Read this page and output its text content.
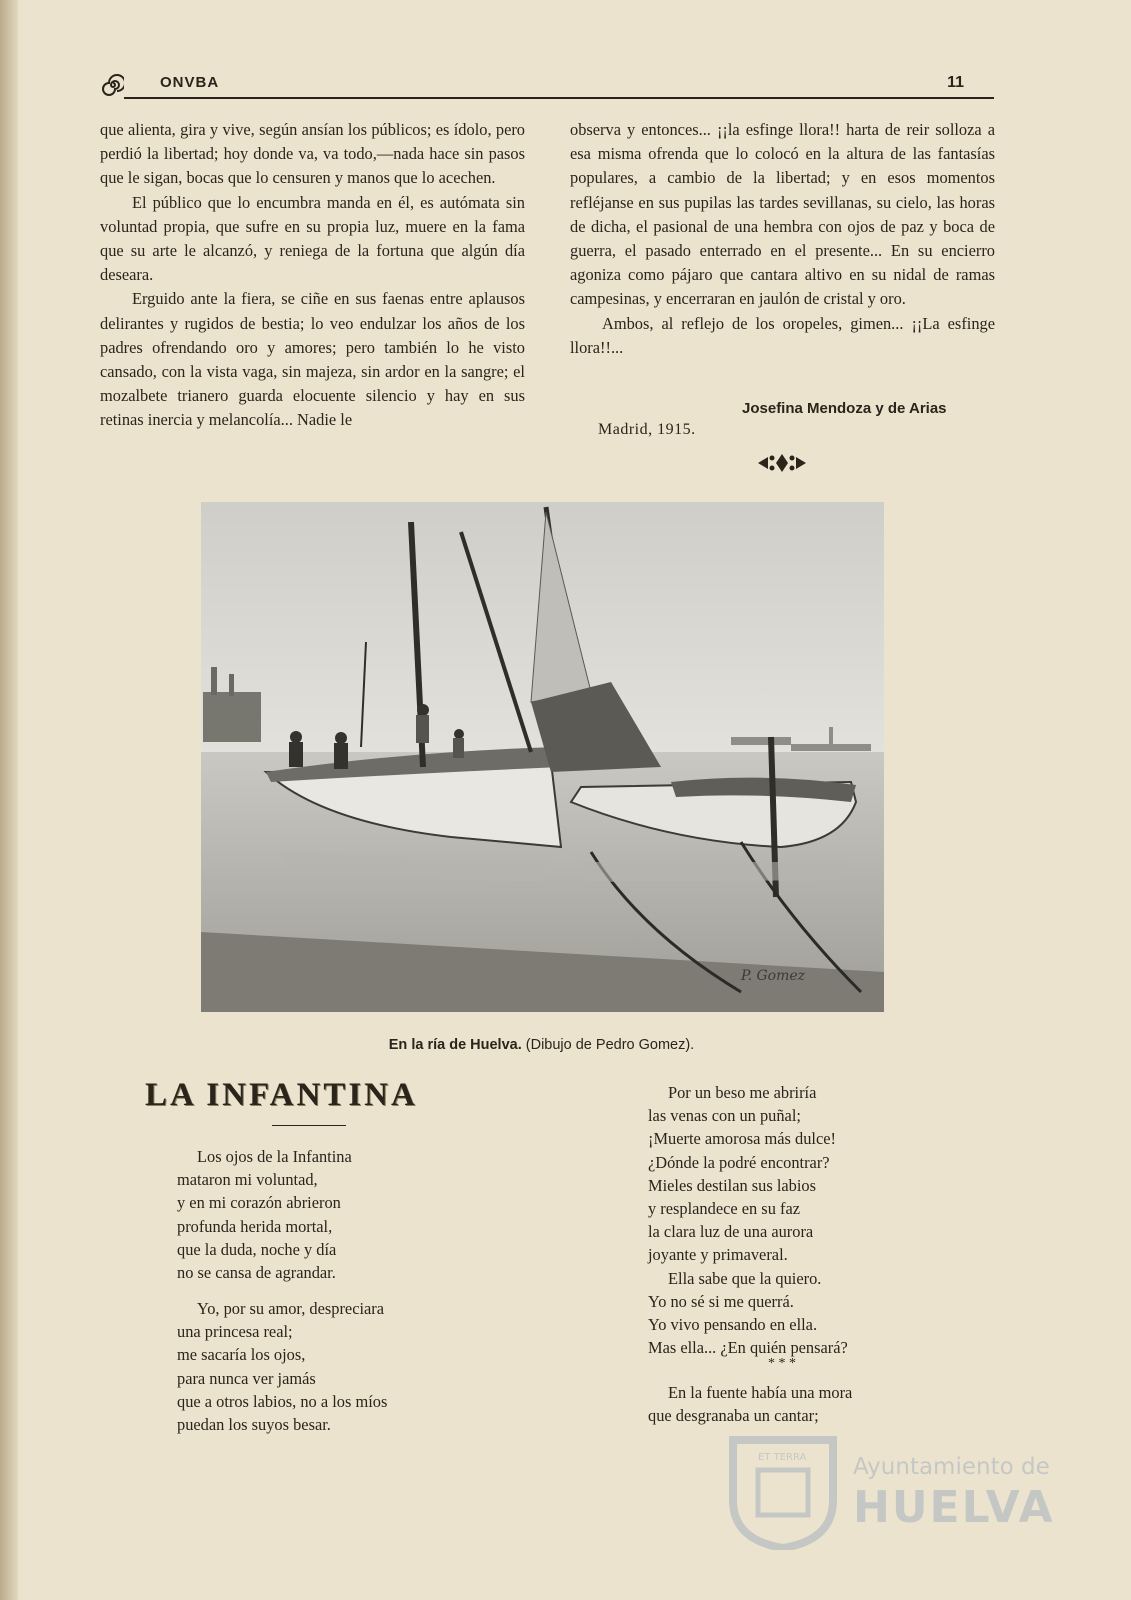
ONVBA	11

que alienta, gira y vive, según ansían los públicos; es ídolo, pero perdió la libertad; hoy donde va, va todo,—nada hace sin pasos que le sigan, bocas que lo censuren y manos que lo acechen.

El público que lo encumbra manda en él, es autómata sin voluntad propia, que sufre en su propia luz, muere en la fama que su arte le alcanzó, y reniega de la fortuna que algún día deseara.

Erguido ante la fiera, se ciñe en sus faenas entre aplausos delirantes y rugidos de bestia; lo veo endulzar los años de los padres ofrendando oro y amores; pero también lo he visto cansado, con la vista vaga, sin majeza, sin ardor en la sangre; el mozalbete trianero guarda elocuente silencio y hay en sus retinas inercia y melancolía... Nadie le

observa y entonces... ¡¡la esfinge llora!! harta de reir solloza a esa misma ofrenda que lo colocó en la altura de las fantasías populares, a cambio de la libertad; y en esos momentos refléjanse en sus pupilas las tardes sevillanas, su cielo, las horas de dicha, el pasional de una hembra con ojos de paz y boca de guerra, el pasado enterrado en el presente... En su encierro agoniza como pájaro que cantara altivo en su nidal de ramas campesinas, y encerraran en jaulón de cristal y oro.

Ambos, al reflejo de los oropeles, gimen... ¡¡La esfinge llora!!...

Josefina Mendoza y de Arias
Madrid, 1915.
P. Gomez
En la ría de Huelva. (Dibujo de Pedro Gomez).
LA INFANTINA
Los ojos de la Infantina
mataron mi voluntad,
y en mi corazón abrieron
profunda herida mortal,
que la duda, noche y día
no se cansa de agrandar.
Yo, por su amor, despreciara
una princesa real;
me sacaría los ojos,
para nunca ver jamás
que a otros labios, no a los míos
puedan los suyos besar.
Por un beso me abriría
las venas con un puñal;
¡Muerte amorosa más dulce!
¿Dónde la podré encontrar?
Mieles destilan sus labios
y resplandece en su faz
la clara luz de una aurora
joyante y primaveral.
Ella sabe que la quiero.
Yo no sé si me querrá.
Yo vivo pensando en ella.
Mas ella... ¿En quién pensará?
* * *
En la fuente había una mora
que desgranaba un cantar;
ET TERRA Ayuntamiento de
HUELVA
